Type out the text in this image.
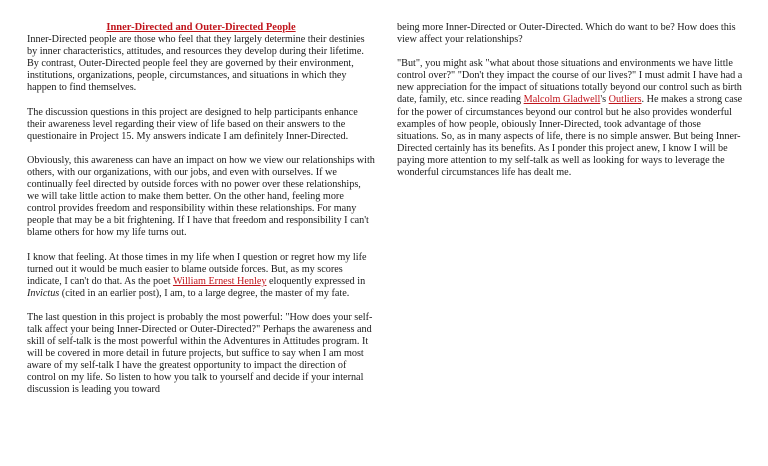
Inner-Directed and Outer-Directed People

Inner-Directed people are those who feel that they largely determine their destinies by inner characteristics, attitudes, and resources they develop during their lifetime. By contrast, Outer-Directed people feel they are governed by their environment, institutions, organizations, people, circumstances, and situations in which they happen to find themselves.

The discussion questions in this project are designed to help participants enhance their awareness level regarding their view of life based on their answers to the questionaire in Project 15. My answers indicate I am definitely Inner-Directed.

Obviously, this awareness can have an impact on how we view our relationships with others, with our organizations, with our jobs, and even with ourselves. If we continually feel directed by outside forces with no power over these relationships, we will take little action to make them better. On the other hand, feeling more control provides freedom and responsibility within these relationships. For many people that may be a bit frightening. If I have that freedom and responsibility I can't blame others for how my life turns out.

I know that feeling. At those times in my life when I question or regret how my life turned out it would be much easier to blame outside forces. But, as my scores indicate, I can't do that. As the poet William Ernest Henley eloquently expressed in Invictus (cited in an earlier post), I am, to a large degree, the master of my fate.

The last question in this project is probably the most powerful: "How does your self-talk affect your being Inner-Directed or Outer-Directed?" Perhaps the awareness and skill of self-talk is the most powerful within the Adventures in Attitudes program. It will be covered in more detail in future projects, but suffice to say when I am most aware of my self-talk I have the greatest opportunity to impact the direction of control on my life. So listen to how you talk to yourself and decide if your internal discussion is leading you toward

being more Inner-Directed or Outer-Directed. Which do want to be? How does this view affect your relationships?

"But", you might ask "what about those situations and environments we have little control over?" "Don't they impact the course of our lives?" I must admit I have had a new appreciation for the impact of situations totally beyond our control such as birth date, family, etc. since reading Malcolm Gladwell's Outliers. He makes a strong case for the power of circumstances beyond our control but he also provides wonderful examples of how people, obiously Inner-Directed, took advantage of those situations. So, as in many aspects of life, there is no simple answer. But being Inner-Directed certainly has its benefits. As I ponder this project anew, I know I will be paying more attention to my self-talk as well as looking for ways to leverage the wonderful circumstances life has dealt me.
